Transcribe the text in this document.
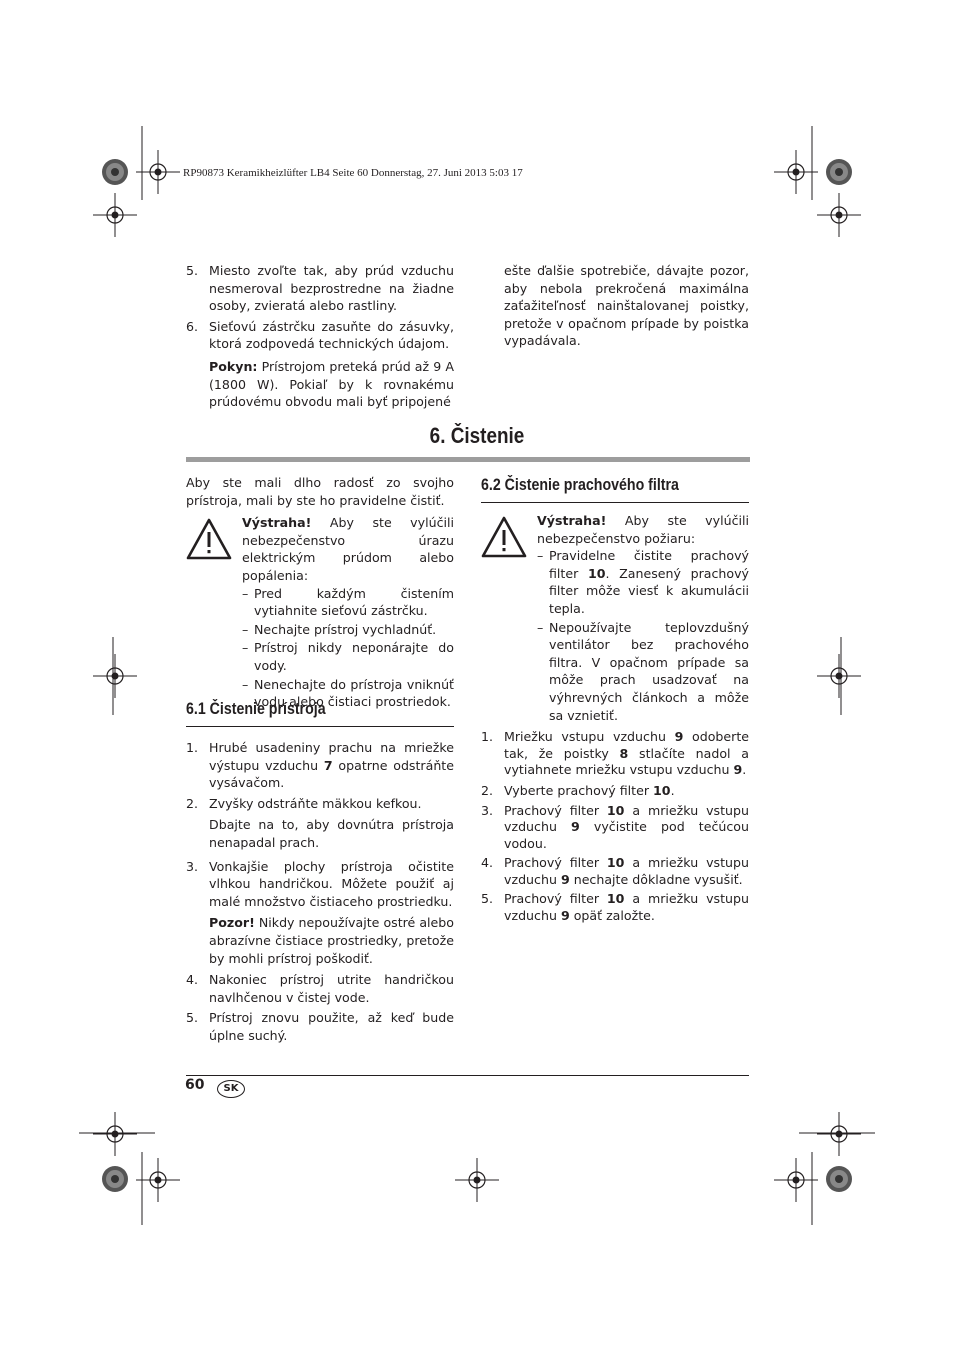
RP90873 Keramikheizlüfter LB4 Seite 60 Donnerstag, 27. Juni 2013 5:03 17
5. Miesto zvoľte tak, aby prúd vzduchu nesmeroval bezprostredne na žiadne osoby, zvieratá alebo rastliny.
6. Sieťovú zástrčku zasuňte do zásuvky, ktorá zodpovedá technických údajom.
Pokyn: Prístrojom preteká prúd až 9 A (1800 W). Pokiaľ by k rovnakému prúdovému obvodu mali byť pripojené
ešte ďalšie spotrebiče, dávajte pozor, aby nebola prekročená maximálna zaťažiteľnosť nainštalovanej poistky, pretože v opačnom prípade by poistka vypadávala.
6. Čistenie
Aby ste mali dlho radosť zo svojho prístroja, mali by ste ho pravidelne čistiť.
Výstraha! Aby ste vylúčili nebezpečenstvo úrazu elektrickým prúdom alebo popálenia:
– Pred každým čistením vytiahnite sieťovú zástrčku.
– Nechajte prístroj vychladnúť.
– Prístroj nikdy neponárajte do vody.
– Nenechajte do prístroja vniknúť vodu alebo čistiaci prostriedok.
6.1 Čistenie prístroja
1. Hrubé usadeniny prachu na mriežke výstupu vzduchu 7 opatrne odstráňte vysávačom.
2. Zvyšky odstráňte mäkkou kefkou.
Dbajte na to, aby dovnútra prístroja nenapadal prach.
3. Vonkajšie plochy prístroja očistite vlhkou handričkou. Môžete použiť aj malé množstvo čistiaceho prostriedku.
Pozor! Nikdy nepoužívajte ostré alebo abrazívne čistiace prostriedky, pretože by mohli prístroj poškodiť.
4. Nakoniec prístroj utrite handričkou navlhčenou v čistej vode.
5. Prístroj znovu použite, až keď bude úplne suchý.
6.2 Čistenie prachového filtra
Výstraha! Aby ste vylúčili nebezpečenstvo požiaru:
– Pravidelne čistite prachový filter 10. Zanesený prachový filter môže viesť k akumulácii tepla.
– Nepoužívajte teplovzdušný ventilátor bez prachového filtra. V opačnom prípade sa môže prach usadzovať na výhrevných článkoch a môže sa vznietiť.
1. Mriežku vstupu vzduchu 9 odoberte tak, že poistky 8 stlačíte nadol a vytiahnete mriežku vstupu vzduchu 9.
2. Vyberte prachový filter 10.
3. Prachový filter 10 a mriežku vstupu vzduchu 9 vyčistite pod tečúcou vodou.
4. Prachový filter 10 a mriežku vstupu vzduchu 9 nechajte dôkladne vysušiť.
5. Prachový filter 10 a mriežku vstupu vzduchu 9 opäť založte.
60	SK
